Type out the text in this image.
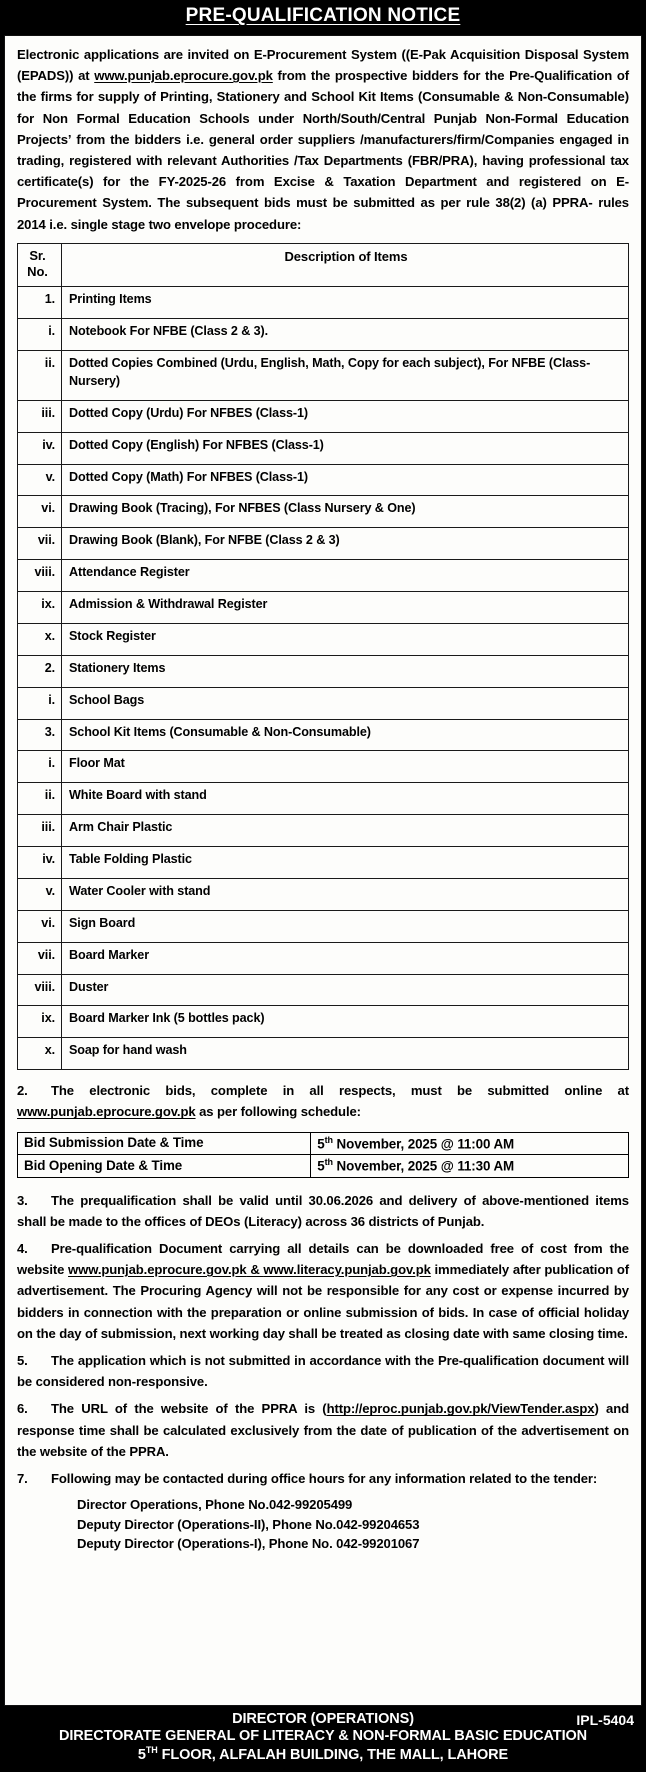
PRE-QUALIFICATION NOTICE

Electronic applications are invited on E-Procurement System ((E-Pak Acquisition Disposal System (EPADS)) at www.punjab.eprocure.gov.pk from the prospective bidders for the Pre-Qualification of the firms for supply of Printing, Stationery and School Kit Items (Consumable & Non-Consumable) for Non Formal Education Schools under North/South/Central Punjab Non-Formal Education Projects’ from the bidders i.e. general order suppliers /manufacturers/firm/Companies engaged in trading, registered with relevant Authorities /Tax Departments (FBR/PRA), having professional tax certificate(s) for the FY-2025-26 from Excise & Taxation Department and registered on E-Procurement System. The subsequent bids must be submitted as per rule 38(2) (a) PPRA- rules 2014 i.e. single stage two envelope procedure:

Sr.
No.	Description of Items
1.	Printing Items
i.	Notebook For NFBE (Class 2 & 3).
ii.	Dotted Copies Combined (Urdu, English, Math, Copy for each subject), For NFBE (Class-Nursery)
iii.	Dotted Copy (Urdu) For NFBES (Class-1)
iv.	Dotted Copy (English) For NFBES (Class-1)
v.	Dotted Copy (Math) For NFBES (Class-1)
vi.	Drawing Book (Tracing), For NFBES (Class Nursery & One)
vii.	Drawing Book (Blank), For NFBE (Class 2 & 3)
viii.	Attendance Register
ix.	Admission & Withdrawal Register
x.	Stock Register
2.	Stationery Items
i.	School Bags
3.	School Kit Items (Consumable & Non-Consumable)
i.	Floor Mat
ii.	White Board with stand
iii.	Arm Chair Plastic
iv.	Table Folding Plastic
v.	Water Cooler with stand
vi.	Sign Board
vii.	Board Marker
viii.	Duster
ix.	Board Marker Ink (5 bottles pack)
x.	Soap for hand wash

2. The electronic bids, complete in all respects, must be submitted online at www.punjab.eprocure.gov.pk as per following schedule:

Bid Submission Date & Time	5th November, 2025 @ 11:00 AM
Bid Opening Date & Time	5th November, 2025 @ 11:30 AM

3. The prequalification shall be valid until 30.06.2026 and delivery of above-mentioned items shall be made to the offices of DEOs (Literacy) across 36 districts of Punjab.

4. Pre-qualification Document carrying all details can be downloaded free of cost from the website www.punjab.eprocure.gov.pk & www.literacy.punjab.gov.pk immediately after publication of advertisement. The Procuring Agency will not be responsible for any cost or expense incurred by bidders in connection with the preparation or online submission of bids. In case of official holiday on the day of submission, next working day shall be treated as closing date with same closing time.

5. The application which is not submitted in accordance with the Pre-qualification document will be considered non-responsive.

6. The URL of the website of the PPRA is (http://eproc.punjab.gov.pk/ViewTender.aspx) and response time shall be calculated exclusively from the date of publication of the advertisement on the website of the PPRA.

7. Following may be contacted during office hours for any information related to the tender:

Director Operations, Phone No.042-99205499
Deputy Director (Operations-II), Phone No.042-99204653
Deputy Director (Operations-I), Phone No. 042-99201067
IPL-5404
DIRECTOR (OPERATIONS)
DIRECTORATE GENERAL OF LITERACY & NON-FORMAL BASIC EDUCATION
5TH FLOOR, ALFALAH BUILDING, THE MALL, LAHORE
